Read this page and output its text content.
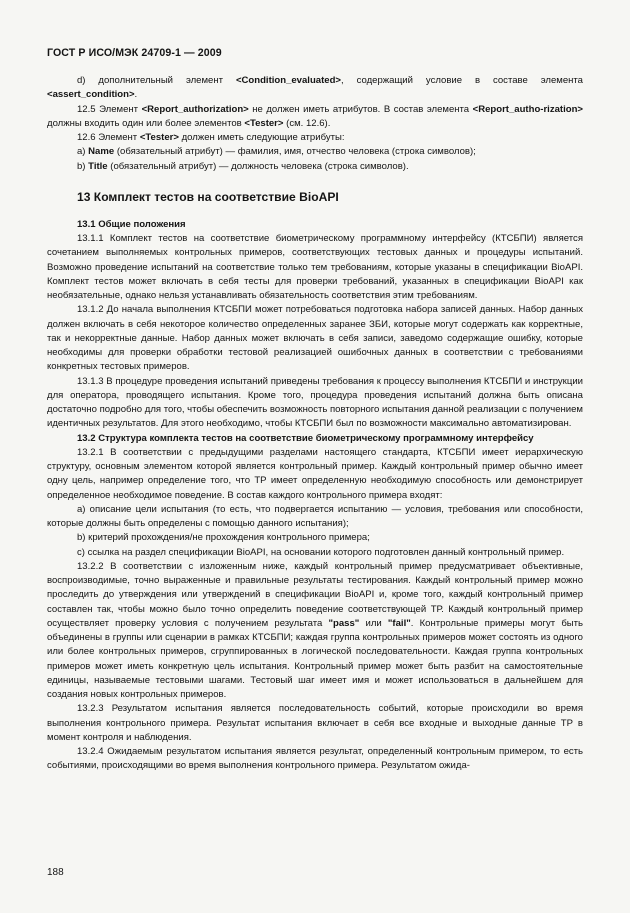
ГОСТ Р ИСО/МЭК 24709-1 — 2009

d) дополнительный элемент <Condition_evaluated>, содержащий условие в составе элемента <assert_condition>.

12.5 Элемент <Report_authorization> не должен иметь атрибутов. В состав элемента <Report_autho-rization> должны входить один или более элементов <Tester> (см. 12.6).

12.6 Элемент <Tester> должен иметь следующие атрибуты:

a) Name (обязательный атрибут) — фамилия, имя, отчество человека (строка символов);

b) Title (обязательный атрибут) — должность человека (строка символов).

13 Комплект тестов на соответствие BioAPI

13.1 Общие положения

13.1.1 Комплект тестов на соответствие биометрическому программному интерфейсу (КТСБПИ) является сочетанием выполняемых контрольных примеров, соответствующих тестовых данных и процедуры испытаний. Возможно проведение испытаний на соответствие только тем требованиям, которые указаны в спецификации BioAPI. Комплект тестов может включать в себя тесты для проверки требований, указанных в спецификации BioAPI как необязательные, однако нельзя устанавливать обязательность соответствия этим требованиям.

13.1.2 До начала выполнения КТСБПИ может потребоваться подготовка набора записей данных. Набор данных должен включать в себя некоторое количество определенных заранее ЗБИ, которые могут содержать как корректные, так и некорректные данные. Набор данных может включать в себя записи, заведомо содержащие ошибку, которые необходимы для проверки обработки тестовой реализацией ошибочных данных в соответствии с требованиями конкретных тестовых примеров.

13.1.3 В процедуре проведения испытаний приведены требования к процессу выполнения КТСБПИ и инструкции для оператора, проводящего испытания. Кроме того, процедура проведения испытаний должна быть описана достаточно подробно для того, чтобы обеспечить возможность повторного испытания данной реализации с получением идентичных результатов. Для этого необходимо, чтобы КТСБПИ был по возможности максимально автоматизирован.

13.2 Структура комплекта тестов на соответствие биометрическому программному интерфейсу

13.2.1 В соответствии с предыдущими разделами настоящего стандарта, КТСБПИ имеет иерархическую структуру, основным элементом которой является контрольный пример. Каждый контрольный пример обычно имеет одну цель, например определение того, что ТР имеет определенную необходимую способность или демонстрирует определенное необходимое поведение. В состав каждого контрольного примера входят:

a) описание цели испытания (то есть, что подвергается испытанию — условия, требования или способности, которые должны быть определены с помощью данного испытания);

b) критерий прохождения/не прохождения контрольного примера;

c) ссылка на раздел спецификации BioAPI, на основании которого подготовлен данный контрольный пример.

13.2.2 В соответствии с изложенным ниже, каждый контрольный пример предусматривает объективные, воспроизводимые, точно выраженные и правильные результаты тестирования. Каждый контрольный пример можно проследить до утверждения или утверждений в спецификации BioAPI и, кроме того, каждый контрольный пример составлен так, чтобы можно было точно определить поведение соответствующей ТР. Каждый контрольный пример осуществляет проверку условия с получением результата "pass" или "fail". Контрольные примеры могут быть объединены в группы или сценарии в рамках КТСБПИ; каждая группа контрольных примеров может состоять из одного или более контрольных примеров, сгруппированных в логической последовательности. Каждая группа контрольных примеров может иметь конкретную цель испытания. Контрольный пример может быть разбит на самостоятельные единицы, называемые тестовыми шагами. Тестовый шаг имеет имя и может использоваться в дальнейшем для создания новых контрольных примеров.

13.2.3 Результатом испытания является последовательность событий, которые происходили во время выполнения контрольного примера. Результат испытания включает в себя все входные и выходные данные ТР в момент контроля и наблюдения.

13.2.4 Ожидаемым результатом испытания является результат, определенный контрольным примером, то есть событиями, происходящими во время выполнения контрольного примера. Результатом ожида-

188
